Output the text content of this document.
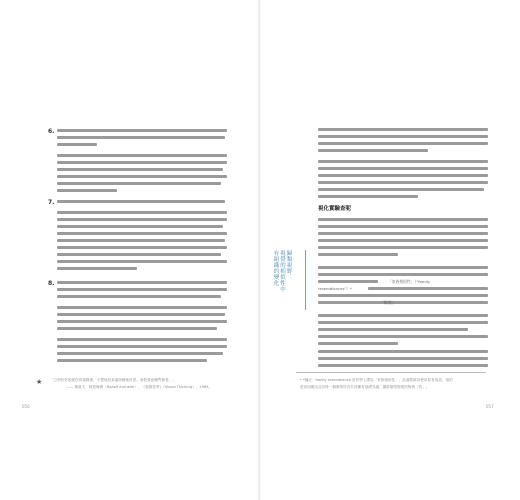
6.
7.
8.
★ 「立即好好地從你的視線裡，不想他是某處兩種他所思。會把我而關門兼者。」
—— 魯道夫．阿恩海姆（Rudolf Arnheim），《視覺思考》（Visual Thinking），1969。
056
視化實驗查呢
歸類視野：
視覺的相似性中
有組織的變化	「家族相似性」（"family
resemblances"）*
「類別」
* *編註：family resemblance 是哲學上譯為「家族相似性」，此處暫維持使用原有用語，指的
是該詞概念且同時一個事物所各共同擁有基礎共識，擴群雄則對呢的物流「的」。
057
